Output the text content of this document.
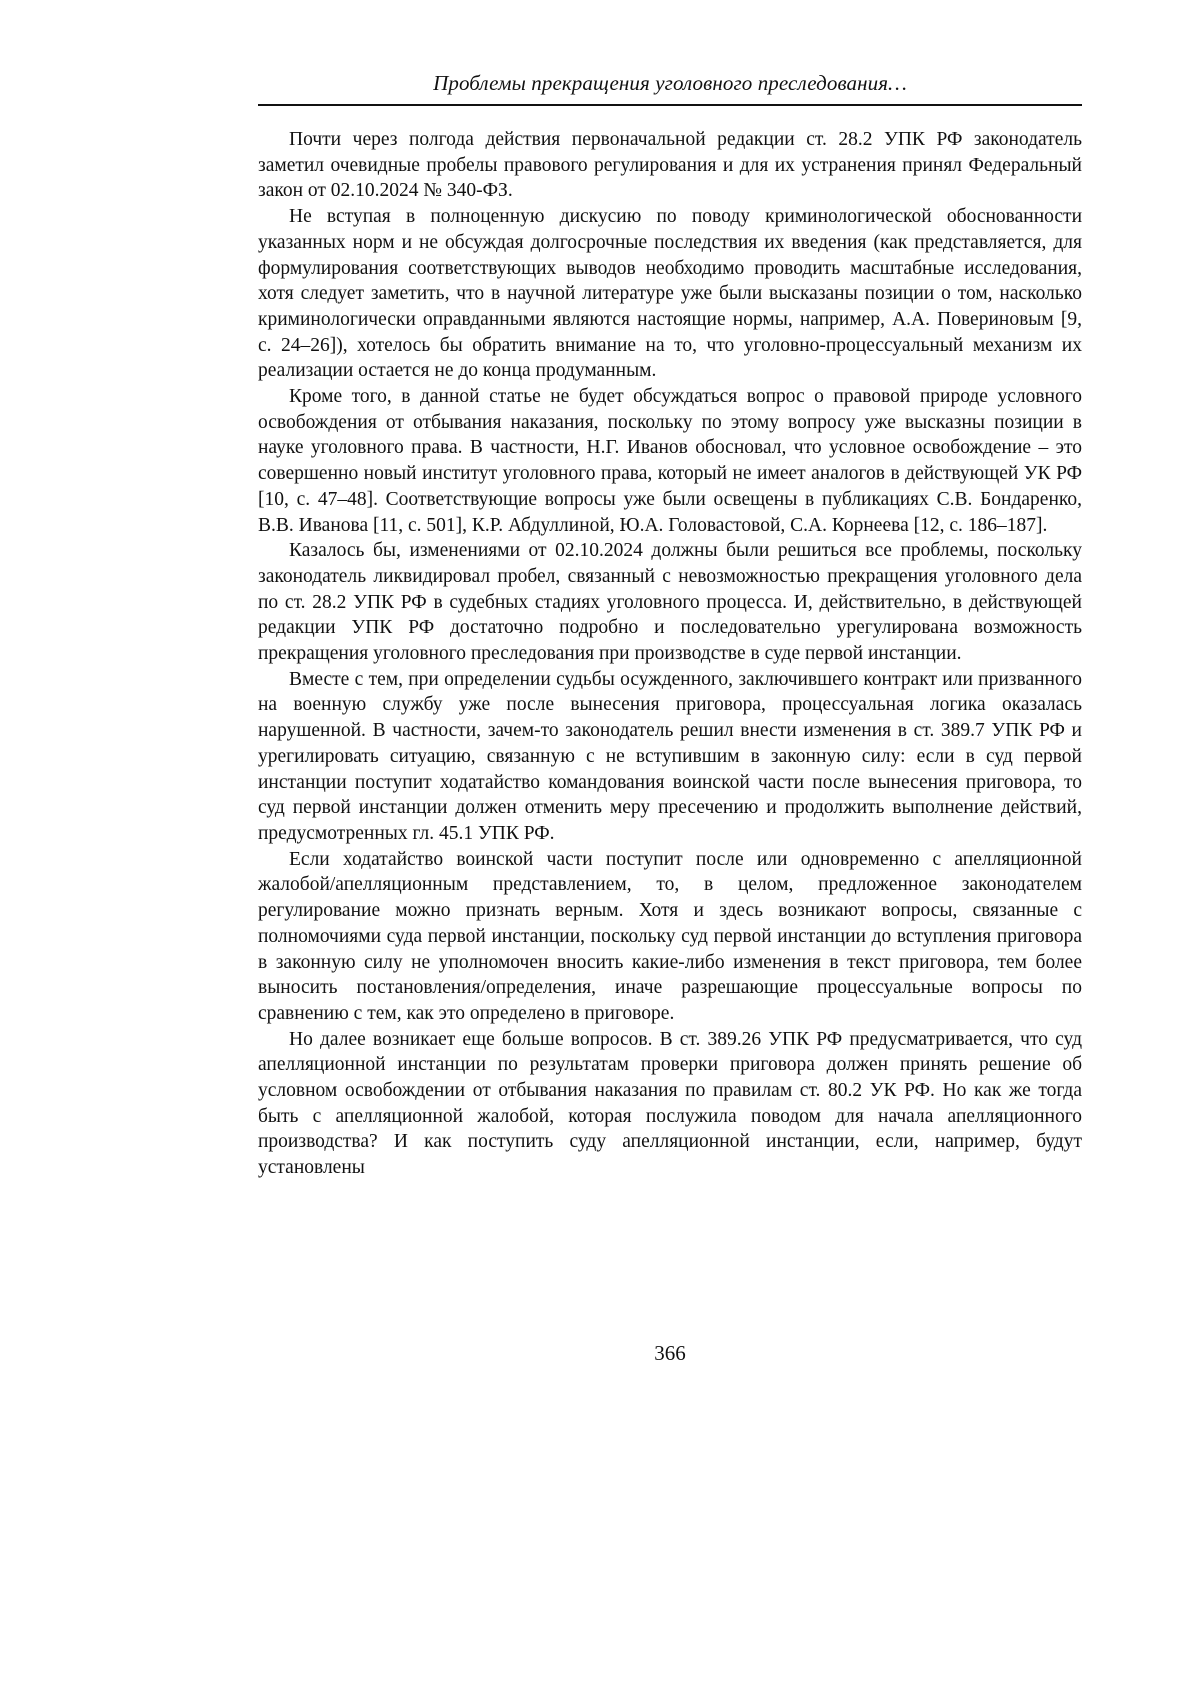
Проблемы прекращения уголовного преследования…

Почти через полгода действия первоначальной редакции ст. 28.2 УПК РФ законодатель заметил очевидные пробелы правового регулирования и для их устранения принял Федеральный закон от 02.10.2024 № 340-ФЗ.

Не вступая в полноценную дискусию по поводу криминологической обоснованности указанных норм и не обсуждая долгосрочные последствия их введения (как представляется, для формулирования соответствующих выводов необходимо проводить масштабные исследования, хотя следует заметить, что в научной литературе уже были высказаны позиции о том, насколько криминологически оправданными являются настоящие нормы, например, А.А. Повериновым [9, с. 24–26]), хотелось бы обратить внимание на то, что уголовно-процессуальный механизм их реализации остается не до конца продуманным.

Кроме того, в данной статье не будет обсуждаться вопрос о правовой природе условного освобождения от отбывания наказания, поскольку по этому вопросу уже высказны позиции в науке уголовного права. В частности, Н.Г. Иванов обосновал, что условное освобождение – это совершенно новый институт уголовного права, который не имеет аналогов в действующей УК РФ [10, с. 47–48]. Соответствующие вопросы уже были освещены в публикациях С.В. Бондаренко, В.В. Иванова [11, с. 501], К.Р. Абдуллиной, Ю.А. Головастовой, С.А. Корнеева [12, с. 186–187].

Казалось бы, изменениями от 02.10.2024 должны были решиться все проблемы, поскольку законодатель ликвидировал пробел, связанный с невозможностью прекращения уголовного дела по ст. 28.2 УПК РФ в судебных стадиях уголовного процесса. И, действительно, в действующей редакции УПК РФ достаточно подробно и последовательно урегулирована возможность прекращения уголовного преследования при производстве в суде первой инстанции.

Вместе с тем, при определении судьбы осужденного, заключившего контракт или призванного на военную службу уже после вынесения приговора, процессуальная логика оказалась нарушенной. В частности, зачем-то законодатель решил внести изменения в ст. 389.7 УПК РФ и урегилировать ситуацию, связанную с не вступившим в законную силу: если в суд первой инстанции поступит ходатайство командования воинской части после вынесения приговора, то суд первой инстанции должен отменить меру пресечению и продолжить выполнение действий, предусмотренных гл. 45.1 УПК РФ.

Если ходатайство воинской части поступит после или одновременно с апелляционной жалобой/апелляционным представлением, то, в целом, предложенное законодателем регулирование можно признать верным. Хотя и здесь возникают вопросы, связанные с полномочиями суда первой инстанции, поскольку суд первой инстанции до вступления приговора в законную силу не уполномочен вносить какие-либо изменения в текст приговора, тем более выносить постановления/определения, иначе разрешающие процессуальные вопросы по сравнению с тем, как это определено в приговоре.

Но далее возникает еще больше вопросов. В ст. 389.26 УПК РФ предусматривается, что суд апелляционной инстанции по результатам проверки приговора должен принять решение об условном освобождении от отбывания наказания по правилам ст. 80.2 УК РФ. Но как же тогда быть с апелляционной жалобой, которая послужила поводом для начала апелляционного производства? И как поступить суду апелляционной инстанции, если, например, будут установлены

366
